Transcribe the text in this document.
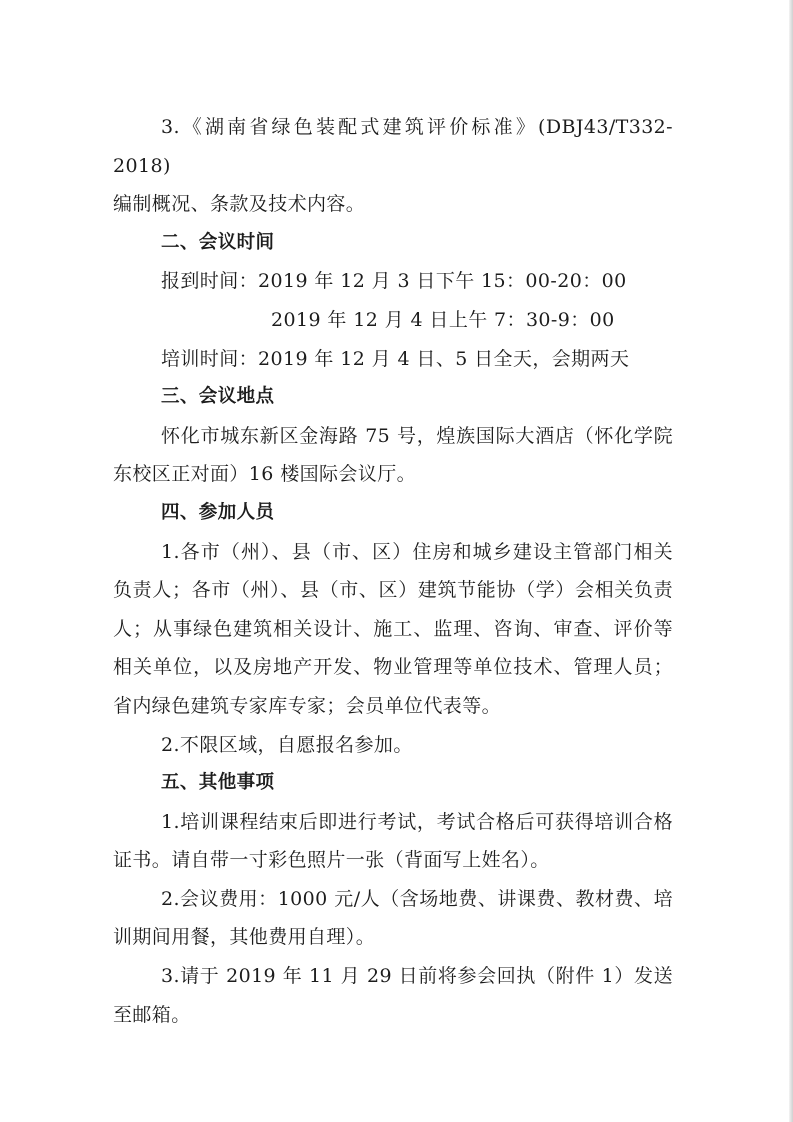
3.《湖南省绿色装配式建筑评价标准》(DBJ43/T332-2018)

编制概况、条款及技术内容。

二、会议时间

报到时间：2019 年 12 月 3 日下午 15：00-20：00

2019 年 12 月 4 日上午 7：30-9：00

培训时间：2019 年 12 月 4 日、5 日全天，会期两天

三、会议地点

怀化市城东新区金海路 75 号，煌族国际大酒店（怀化学院东校区正对面）16 楼国际会议厅。

四、参加人员

1.各市（州）、县（市、区）住房和城乡建设主管部门相关负责人；各市（州）、县（市、区）建筑节能协（学）会相关负责人；从事绿色建筑相关设计、施工、监理、咨询、审查、评价等相关单位，以及房地产开发、物业管理等单位技术、管理人员；省内绿色建筑专家库专家；会员单位代表等。

2.不限区域，自愿报名参加。

五、其他事项

1.培训课程结束后即进行考试，考试合格后可获得培训合格证书。请自带一寸彩色照片一张（背面写上姓名）。

2.会议费用：1000 元/人（含场地费、讲课费、教材费、培训期间用餐，其他费用自理）。

3.请于 2019 年 11 月 29 日前将参会回执（附件 1）发送至邮箱。
